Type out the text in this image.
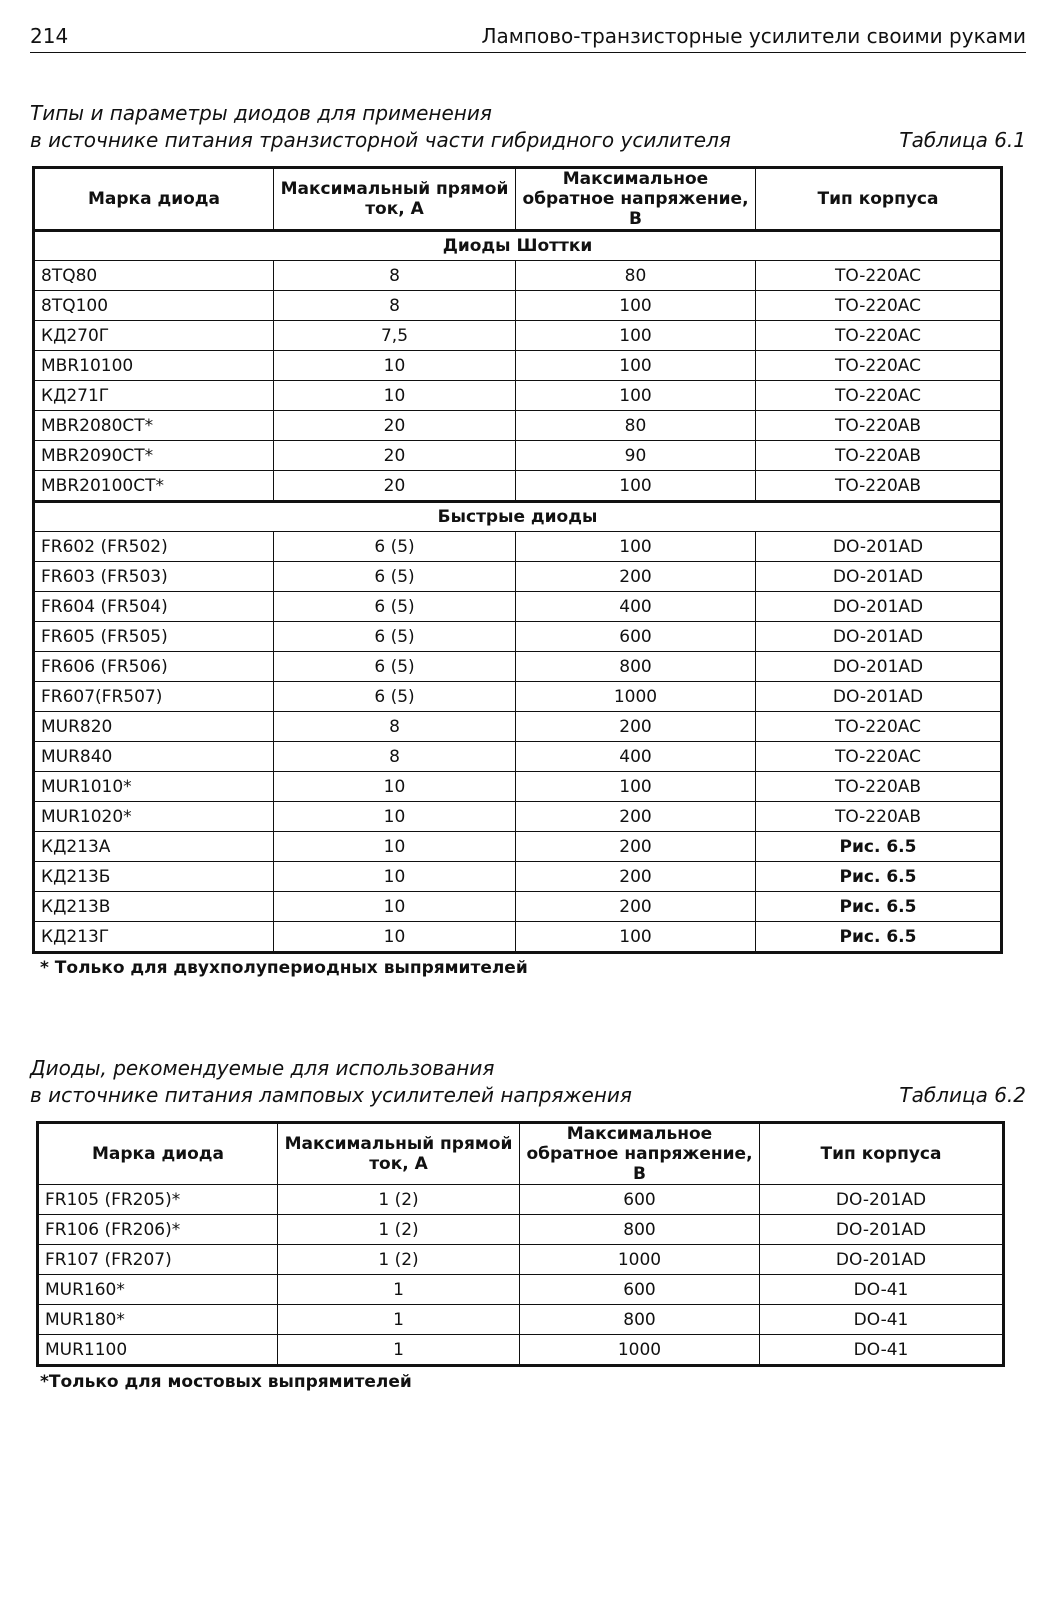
214	Лампово-транзисторные усилители своими руками
Типы и параметры диодов для применения
в источнике питания транзисторной части гибридного усилителя	Таблица 6.1
Марка диода	Максимальный прямой ток, А	Максимальное обратное напряжение, В	Тип корпуса
Диоды Шоттки			
8TQ80	8	80	TO-220AC
8TQ100	8	100	TO-220AC
КД270Г	7,5	100	TO-220AC
MBR10100	10	100	TO-220AC
КД271Г	10	100	TO-220AC
MBR2080CT*	20	80	TO-220AB
MBR2090CT*	20	90	TO-220AB
MBR20100CT*	20	100	TO-220AB
Быстрые диоды			
FR602 (FR502)	6 (5)	100	DO-201AD
FR603 (FR503)	6 (5)	200	DO-201AD
FR604 (FR504)	6 (5)	400	DO-201AD
FR605 (FR505)	6 (5)	600	DO-201AD
FR606 (FR506)	6 (5)	800	DO-201AD
FR607(FR507)	6 (5)	1000	DO-201AD
MUR820	8	200	TO-220AC
MUR840	8	400	TO-220AC
MUR1010*	10	100	TO-220AB
MUR1020*	10	200	TO-220AB
КД213А	10	200	Рис. 6.5
КД213Б	10	200	Рис. 6.5
КД213В	10	200	Рис. 6.5
КД213Г	10	100	Рис. 6.5
* Только для двухполупериодных выпрямителей
Диоды, рекомендуемые для использования
в источнике питания ламповых усилителей напряжения	Таблица 6.2
Марка диода	Максимальный прямой ток, А	Максимальное обратное напряжение, В	Тип корпуса
FR105 (FR205)*	1 (2)	600	DO-201AD
FR106 (FR206)*	1 (2)	800	DO-201AD
FR107 (FR207)	1 (2)	1000	DO-201AD
MUR160*	1	600	DO-41
MUR180*	1	800	DO-41
MUR1100	1	1000	DO-41
*Только для мостовых выпрямителей
